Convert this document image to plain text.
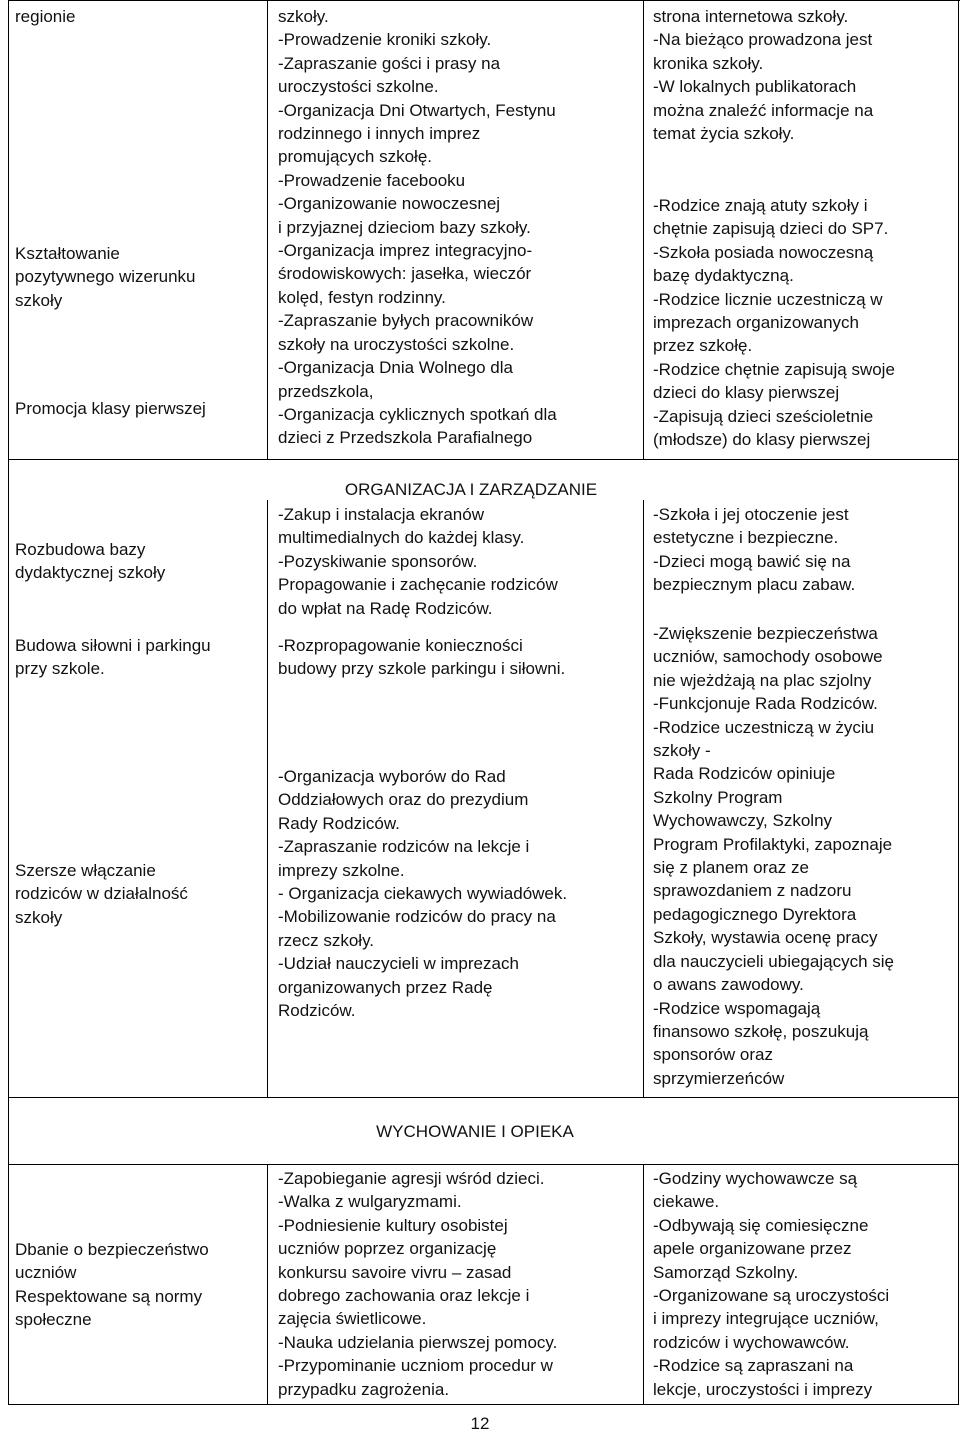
regionie
Kształtowanie
pozytywnego wizerunku
szkoły
Promocja klasy pierwszej
szkoły.
-Prowadzenie kroniki szkoły.
-Zapraszanie gości i prasy na
uroczystości szkolne.
-Organizacja Dni Otwartych, Festynu
rodzinnego i innych imprez
promujących szkołę.
-Prowadzenie facebooku
-Organizowanie nowoczesnej
i przyjaznej dzieciom bazy szkoły.
-Organizacja imprez integracyjno-
środowiskowych: jasełka, wieczór
kolęd, festyn rodzinny.
-Zapraszanie byłych pracowników
szkoły na uroczystości szkolne.
-Organizacja Dnia Wolnego dla
przedszkola,
-Organizacja cyklicznych spotkań dla
dzieci z Przedszkola Parafialnego
strona internetowa szkoły.
-Na bieżąco prowadzona jest
kronika szkoły.
-W lokalnych publikatorach
można znaleźć informacje na
temat życia szkoły.
-Rodzice znają atuty szkoły i
chętnie zapisują dzieci do SP7.
-Szkoła posiada nowoczesną
bazę dydaktyczną.
-Rodzice licznie uczestniczą w
imprezach organizowanych
przez szkołę.
-Rodzice chętnie zapisują swoje
dzieci do klasy pierwszej
-Zapisują dzieci sześcioletnie
(młodsze) do klasy pierwszej
ORGANIZACJA I ZARZĄDZANIE
Rozbudowa bazy
dydaktycznej szkoły
Budowa siłowni i parkingu
przy szkole.
Szersze włączanie
rodziców w działalność
szkoły
-Zakup i instalacja ekranów
multimedialnych do każdej klasy.
-Pozyskiwanie sponsorów.
Propagowanie i zachęcanie rodziców
do wpłat na Radę Rodziców.
-Rozpropagowanie konieczności
budowy przy szkole parkingu i siłowni.
-Organizacja wyborów do Rad
Oddziałowych oraz do prezydium
Rady Rodziców.
-Zapraszanie rodziców na lekcje i
imprezy szkolne.
- Organizacja ciekawych wywiadówek.
-Mobilizowanie rodziców do pracy na
rzecz szkoły.
-Udział nauczycieli w imprezach
organizowanych przez Radę
Rodziców.
-Szkoła i jej otoczenie jest
estetyczne i bezpieczne.
-Dzieci mogą bawić się na
bezpiecznym placu zabaw.
-Zwiększenie bezpieczeństwa
uczniów, samochody osobowe
nie wjeżdżają na plac szjolny
-Funkcjonuje Rada Rodziców.
-Rodzice uczestniczą w życiu
szkoły -
Rada Rodziców opiniuje
Szkolny Program
Wychowawczy, Szkolny
Program Profilaktyki, zapoznaje
się z planem oraz ze
sprawozdaniem z nadzoru
pedagogicznego Dyrektora
Szkoły, wystawia ocenę pracy
dla nauczycieli ubiegających się
o awans zawodowy.
-Rodzice wspomagają
finansowo szkołę, poszukują
sponsorów oraz
sprzymierzeńców
WYCHOWANIE I OPIEKA
Dbanie o bezpieczeństwo
uczniów
Respektowane są normy
społeczne
-Zapobieganie agresji wśród dzieci.
-Walka z wulgaryzmami.
-Podniesienie kultury osobistej
uczniów poprzez organizację
konkursu savoire vivru – zasad
dobrego zachowania oraz lekcje i
zajęcia świetlicowe.
-Nauka udzielania pierwszej pomocy.
-Przypominanie uczniom procedur w
przypadku zagrożenia.
-Godziny wychowawcze są
ciekawe.
-Odbywają się comiesięczne
apele organizowane przez
Samorząd Szkolny.
-Organizowane są uroczystości
i imprezy integrujące uczniów,
rodziców i wychowawców.
-Rodzice są zapraszani na
lekcje, uroczystości i imprezy
12
